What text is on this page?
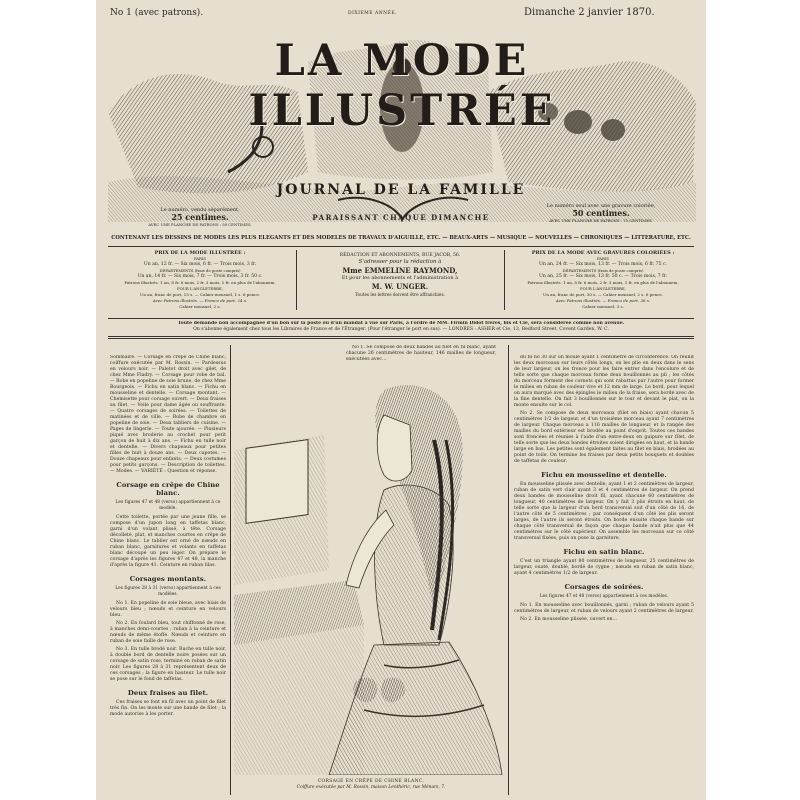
No 1 (avec patrons).	DIXIÈME ANNÉE.	Dimanche 2 janvier 1870.
LA MODE ILLUSTRÉE
JOURNAL DE LA FAMILLE
PARAISSANT CHAQUE DIMANCHE
Le numéro, vendu séparément,
25 centimes.
AVEC UNE PLANCHE DE PATRONS : 50 CENTIMES.
Le numéro seul avec une gravure coloriée,
50 centimes.
AVEC UNE PLANCHE DE PATRONS : 75 CENTIMES.
CONTENANT LES DESSINS DE MODES LES PLUS ÉLÉGANTS ET DES MODÈLES DE TRAVAUX D'AIGUILLE, ETC. — BEAUX-ARTS — MUSIQUE — NOUVELLES — CHRONIQUES — LITTÉRATURE, ETC.
PRIX DE LA MODE ILLUSTRÉE :
PARIS
Un an, 12 fr. — Six mois, 6 fr. — Trois mois, 3 fr.
DÉPARTEMENTS (frais de poste compris)
Un an, 14 fr. — Six mois, 7 fr. — Trois mois, 3 fr. 50 c.
Patrons illustrés. 1 an, 8 fr. 6 mois, 2 fr. 3 mois, 1 fr. en plus de l'abonnem.
POUR L'ANGLETERRE,
Un an, franc de port, 15 s. — Cahier mensuel, 1 s. 6 pence.
Avec Patrons illustrés. — Franco de port, 24 s.
Cahier mensuel, 2 s.
RÉDACTION ET ABONNEMENTS, RUE JACOB, 56.
S'adresser pour la rédaction à
Mme EMMELINE RAYMOND,
Et pour les abonnements et l'administration à
M. W. UNGER.
Toutes les lettres doivent être affranchies.
PRIX DE LA MODE AVEC GRAVURES COLORIÉES :
PARIS
Un an, 24 fr. — Six mois, 13 fr. — Trois mois, 6 fr. 75 c.
DÉPARTEMENTS (frais de poste compris)
Un an, 25 fr. — Six mois, 13 fr. 50 c. — Trois mois, 7 fr.
Patrons illustrés. 1 an, 8 fr. 6 mois, 2 fr. 3 mois, 1 fr. en plus de l'abonnem.
POUR L'ANGLETERRE,
Un an, franc de port, 30 s. — Cahier mensuel, 2 s. 6 pence.
Avec Patrons illustrés. — Franco de port, 36 s.
Cahier mensuel, 3 s.
Toute demande non accompagnée d'un bon sur la poste ou d'un mandat à vue sur Paris, à l'ordre de MM. Firmin Didot frères, fils et Cie, sera considérée comme non avenue.
On s'abonne également chez tous les Libraires de France et de l'Étranger. (Pour l'étranger le port en sus). — LONDRES : ASHER et Cie, 13, Bedford Street, Covent Garden, W. C.

Sommaire. — Corsage en crêpe de Chine blanc, coiffure exécutée par M. Rossin. — Pardessus en velours noir. — Paletot droit avec gilet, de chez Mme Fladry. — Corsage pour robe de bal. — Robe en popeline de soie brune, de chez Mme Bourgeois. — Fichu en satin blanc. — Fichu en mousseline et dentelle. — Corsage montant. — Chemisette pour corsage ouvert. — Deux fraises au filet. — Voile pour dame âgée ou souffrante. — Quatre corsages de soirées. — Toilettes de matinées et de ville. — Robe de chambre en popeline de soie. — Deux tabliers de cuisine. — Pages de lingerie. — Toute ajourée. — Plusieurs piqué avec broderie au crochet pour petit garçon de huit à dix ans. — Fichu en tulle noir et dentelle. — Divers chapeaux pour petites filles de huit à douze ans. — Deux capotes. — Douze chapeaux pour enfants. — Deux costumes pour petits garçons. — Description de toilettes. — Modes. — VARIÉTÉ : Question et réponse.

Corsage en crêpe de Chine blanc.
Les figures 47 et 48 (verso) appartiennent à ce modèle.

Cette toilette, portée par une jeune fille, se compose d'un jupon long en taffetas blanc, garni d'un volant plissé, à tête. Corsage décolleté, plat, et manches courtes en crêpe de Chine blanc. Le tablier est orné de nœuds en ruban blanc, garnitures et volants en taffetas blanc découpé un peu léger. On prépare le corsage d'après les figures 47 et 48, la manche d'après la figure 41. Ceinture en ruban lilas.

Corsages montants.
Les figures 28 à 31 (verso) appartiennent à ces modèles.

No 1. En popeline de soie bleue, avec biais de velours bleu ; nœuds et ceinture en velours bleu.

No 2. En foulard bleu, tout chiffonné de rose, à manches demi-courtes ; ruban à la ceinture et nœuds de même étoffe. Nœuds et ceinture en ruban de soie faille de rose.

No 3. En tulle brodé noir. Ruche en tulle noir, à double bord de dentelle noire posées sur un corsage de satin rose, terminé en ruban de satin noir. Les figures 28 à 31 représentent deux de ces corsages ; la figure en hauteur. Le tulle noir se pose sur le fond de taffetas.

Deux fraises au filet.

Ces fraises se font en fil avec un point de filet très fin. On les monte sur une bande de filet ; la mode autorise à les porter.

No 1. Se compose de deux bandes au filet en fil blanc, ayant chacune 26 centimètres de hauteur, 146 mailles de longueur, exécutées avec...

CORSAGE EN CRÊPE DE CHINE BLANC.
Coiffure exécutée par M. Rossin, maison Lenthéric, rue Ménars, 7.

du fil no 30 sur un moule ayant 1 centimètre de circonférence. On réunit les deux morceaux sur leurs côtés longs, on les plie en deux dans le sens de leur largeur, on les fronce pour les faire entrer dans l'encolure et de telle sorte que chaque morceau forme deux bouillonnés au pli ; les côtés du morceau forment des cornets qui sont rabattus par l'autre pour former le milieu en ruban de couleur vive et 12 mm de large. Le bord, pour lequel on aura marqué avec des épingles le milieu de la fraise, sera bordé avec de la fine dentelle. On fait 3 bouillonnés sur le tour et devant le plat, on la monte ensuite sur le col.

No 2. Se compose de deux morceaux (filet en biais) ayant chacun 5 centimètres 1/2 de largeur, et d'un troisième morceau ayant 7 centimètres de largeur. Chaque morceau a 116 mailles de longueur, et la rangée des mailles du bord extérieur est brodée au point d'esprit. Toutes ces bandes sont froncées et réunies à l'aide d'un entre-deux en guipure sur filet, de telle sorte que les deux bandes étroites soient dirigées en haut, et la bande large en bas. Les petites sont également faites au filet en biais, brodées au point de toile. On termine les fraises par deux petits bouquets et doubles de taffetas de couleur.

Fichu en mousseline et dentelle.

En mousseline plissée avec dentelle, ayant 1 et 2 centimètres de largeur, ruban de satin vert clair ayant 3 et 4 centimètres de largeur. On prend deux bandes de mousseline droit fil, ayant chacune 60 centimètres de longueur, 40 centimètres de largeur. On y fait 3 plis étroits en haut, de telle sorte que la largeur d'un bord transversal soit d'un côté de 16, de l'autre côté de 5 centimètres ; par conséquent d'un côté les plis seront larges, de l'autre ils seront étroits. On borde ensuite chaque bande sur chaque côté transversal de façon que chaque bande n'ait plus que 44 centimètres sur le côté supérieur. On assemble les morceaux sur ce côté transversal fixées, puis on pose la garniture.

Fichu en satin blanc.

C'est un triangle ayant 80 centimètres de longueur, 25 centimètres de largeur, ouaté, doublé, bordé de cygne ; nœuds en ruban de satin blanc, ayant 4 centimètres 1/2 de largeur.

Corsages de soirées.
Les figures 47 et 48 (verso) appartiennent à ces modèles.

No 1. En mousseline avec bouillonnés, garni ; ruban de velours ayant 5 centimètres de largeur, et ruban de velours ayant 2 centimètres de largeur.

No 2. En mousseline plissée, ouvert en...
